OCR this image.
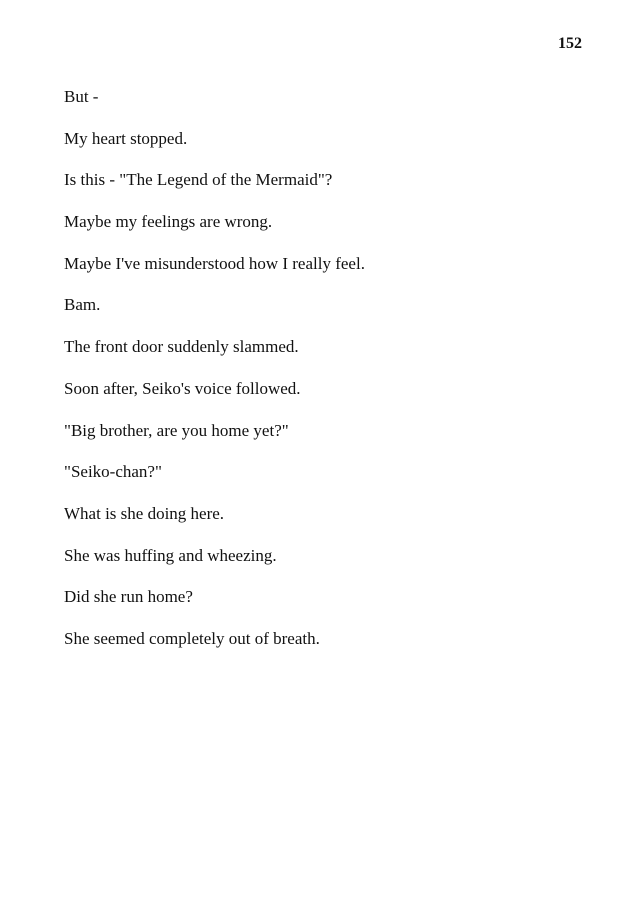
152
But -
My heart stopped.
Is this - "The Legend of the Mermaid"?
Maybe my feelings are wrong.
Maybe I've misunderstood how I really feel.
Bam.
The front door suddenly slammed.
Soon after, Seiko's voice followed.
"Big brother, are you home yet?"
"Seiko-chan?"
What is she doing here.
She was huffing and wheezing.
Did she run home?
She seemed completely out of breath.
